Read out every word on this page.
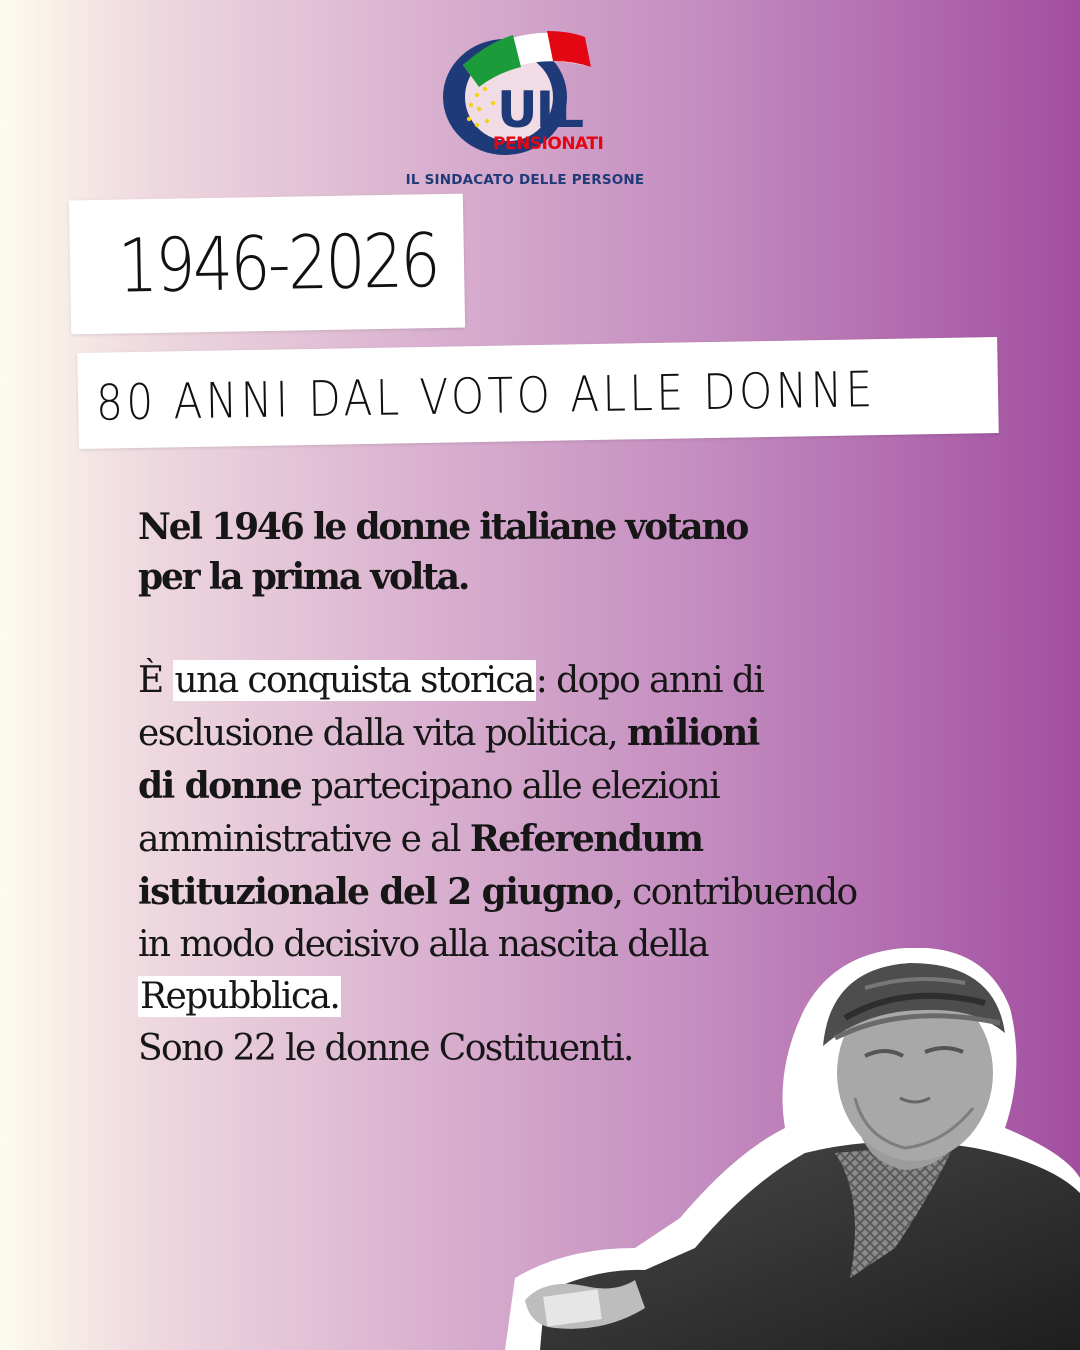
UIL
PENSIONATI
IL SINDACATO DELLE PERSONE
1946-2026
80 ANNI DAL VOTO ALLE DONNE

Nel 1946 le donne italiane votano
per la prima volta.

È una conquista storica: dopo anni di
esclusione dalla vita politica, milioni
di donne partecipano alle elezioni
amministrative e al Referendum
istituzionale del 2 giugno, contribuendo
in modo decisivo alla nascita della
Repubblica.
Sono 22 le donne Costituenti.
